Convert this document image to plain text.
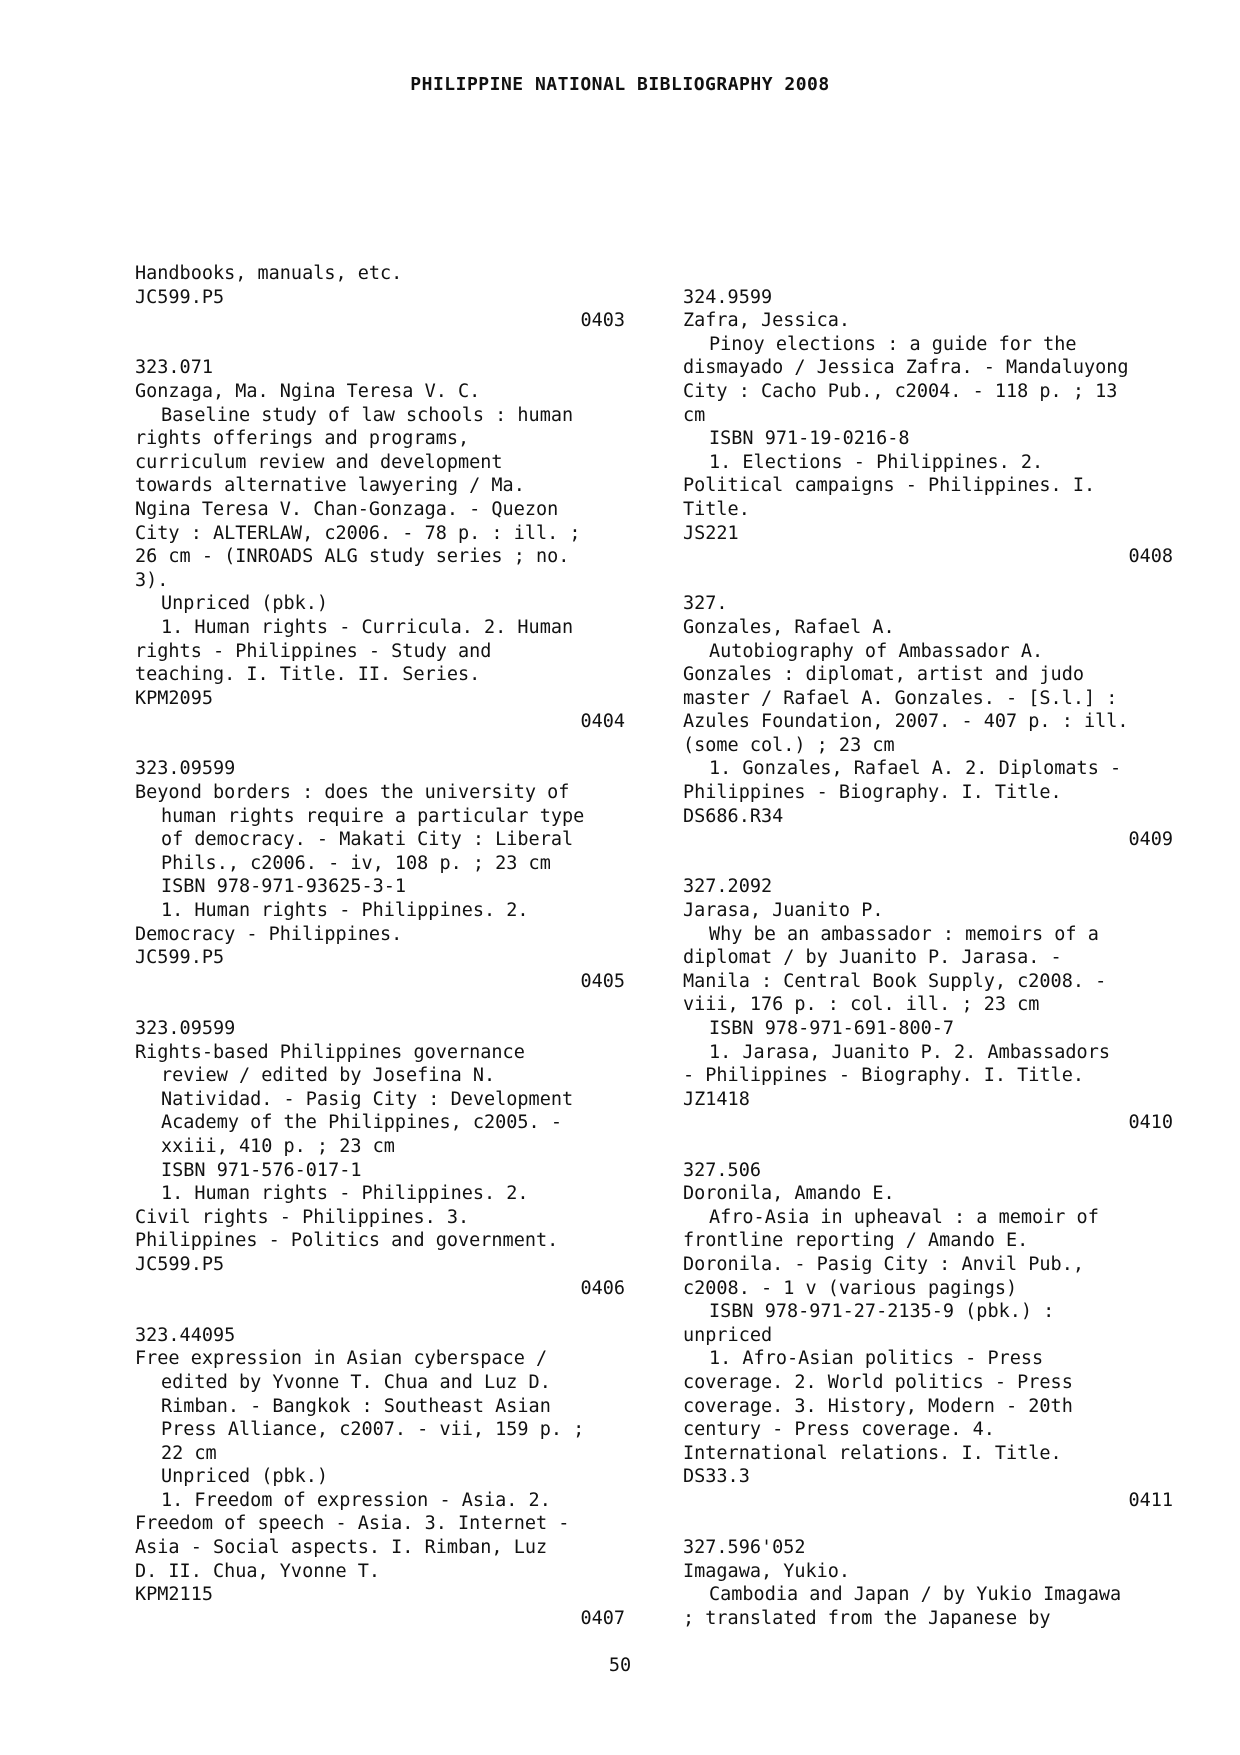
PHILIPPINE NATIONAL BIBLIOGRAPHY 2008

Handbooks, manuals, etc.

JC599.P5

0403

323.071

Gonzaga, Ma. Ngina Teresa V. C.

Baseline study of law schools : human

rights offerings and programs,

curriculum review and development

towards alternative lawyering / Ma.

Ngina Teresa V. Chan-Gonzaga. - Quezon

City : ALTERLAW, c2006. - 78 p. : ill. ;

26 cm - (INROADS ALG study series ; no.

3).

Unpriced (pbk.)

1. Human rights - Curricula. 2. Human

rights - Philippines - Study and

teaching. I. Title. II. Series.

KPM2095

0404

323.09599

Beyond borders : does the university of

human rights require a particular type

of democracy. - Makati City : Liberal

Phils., c2006. - iv, 108 p. ; 23 cm

ISBN 978-971-93625-3-1

1. Human rights - Philippines. 2.

Democracy - Philippines.

JC599.P5

0405

323.09599

Rights-based Philippines governance

review / edited by Josefina N.

Natividad. - Pasig City : Development

Academy of the Philippines, c2005. -

xxiii, 410 p. ; 23 cm

ISBN 971-576-017-1

1. Human rights - Philippines. 2.

Civil rights - Philippines. 3.

Philippines - Politics and government.

JC599.P5

0406

323.44095

Free expression in Asian cyberspace /

edited by Yvonne T. Chua and Luz D.

Rimban. - Bangkok : Southeast Asian

Press Alliance, c2007. - vii, 159 p. ;

22 cm

Unpriced (pbk.)

1. Freedom of expression - Asia. 2.

Freedom of speech - Asia. 3. Internet -

Asia - Social aspects. I. Rimban, Luz

D. II. Chua, Yvonne T.

KPM2115

0407

324.9599

Zafra, Jessica.

Pinoy elections : a guide for the

dismayado / Jessica Zafra. - Mandaluyong

City : Cacho Pub., c2004. - 118 p. ; 13

cm

ISBN 971-19-0216-8

1. Elections - Philippines. 2.

Political campaigns - Philippines. I.

Title.

JS221

0408

327.

Gonzales, Rafael A.

Autobiography of Ambassador A.

Gonzales : diplomat, artist and judo

master / Rafael A. Gonzales. - [S.l.] :

Azules Foundation, 2007. - 407 p. : ill.

(some col.) ; 23 cm

1. Gonzales, Rafael A. 2. Diplomats -

Philippines - Biography. I. Title.

DS686.R34

0409

327.2092

Jarasa, Juanito P.

Why be an ambassador : memoirs of a

diplomat / by Juanito P. Jarasa. -

Manila : Central Book Supply, c2008. -

viii, 176 p. : col. ill. ; 23 cm

ISBN 978-971-691-800-7

1. Jarasa, Juanito P. 2. Ambassadors

- Philippines - Biography. I. Title.

JZ1418

0410

327.506

Doronila, Amando E.

Afro-Asia in upheaval : a memoir of

frontline reporting / Amando E.

Doronila. - Pasig City : Anvil Pub.,

c2008. - 1 v (various pagings)

ISBN 978-971-27-2135-9 (pbk.) :

unpriced

1. Afro-Asian politics - Press

coverage. 2. World politics - Press

coverage. 3. History, Modern - 20th

century - Press coverage. 4.

International relations. I. Title.

DS33.3

0411

327.596'052

Imagawa, Yukio.

Cambodia and Japan / by Yukio Imagawa

; translated from the Japanese by

50
